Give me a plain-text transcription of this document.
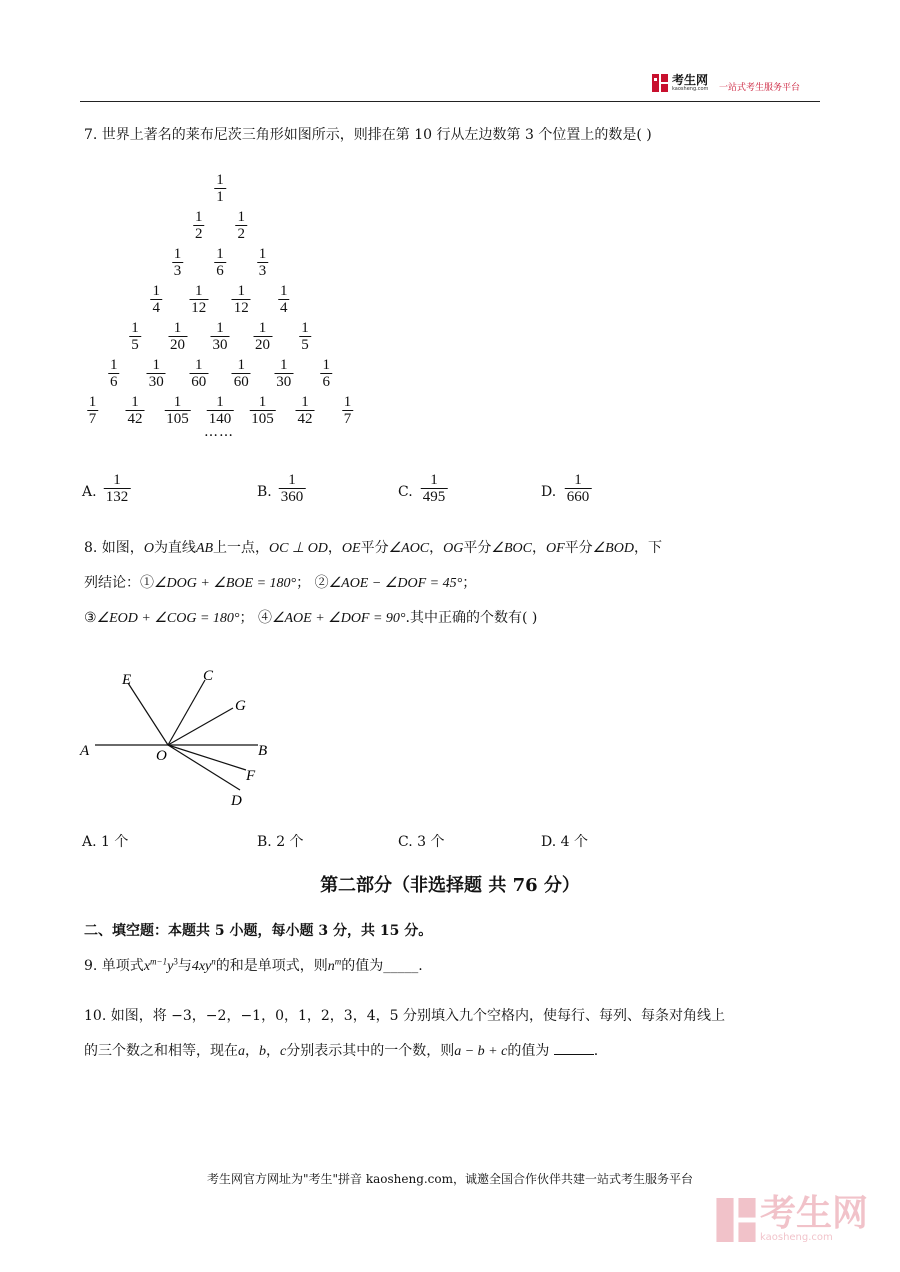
考生网
kaosheng.com 一站式考生服务平台
7. 世界上著名的莱布尼茨三角形如图所示，则排在第 10 行从左边数第 3 个位置上的数是( )
$\frac{1}{1}$
$\frac{1}{2} \frac{1}{2}$
$\frac{1}{3} \frac{1}{6} \frac{1}{3}$
$\frac{1}{4} \frac{1}{12} \frac{1}{12} \frac{1}{4}$
$\frac{1}{5} \frac{1}{20} \frac{1}{30} \frac{1}{20} \frac{1}{5}$
$\frac{1}{6} \frac{1}{30} \frac{1}{60} \frac{1}{60} \frac{1}{30} \frac{1}{6}$
$\frac{1}{7} \frac{1}{42} \frac{1}{105} \frac{1}{140} \frac{1}{105} \frac{1}{42} \frac{1}{7}$
……
A. $\frac{1}{132}$	B. $\frac{1}{360}$	C. $\frac{1}{495}$	D. $\frac{1}{660}$
8. 如图，O为直线AB上一点，OC ⊥ OD，OE平分∠AOC，OG平分∠BOC，OF平分∠BOD，下
列结论：①∠DOG + ∠BOE = 180°； ②∠AOE − ∠DOF = 45°；
③∠EOD + ∠COG = 180°； ④∠AOE + ∠DOF = 90°.其中正确的个数有( )
A	B
E	C
G
F
D
O
A. 1 个	B. 2 个	C. 3 个	D. 4 个
第二部分（非选择题 共 76 分）
二、填空题：本题共 5 小题，每小题 3 分，共 15 分。
9. 单项式$x^{m-1}y^3$与$4xy^n$的和是单项式，则$n^m$的值为_____.
10. 如图，将 −3，−2，−1，0，1，2，3，4，5 分别填入九个空格内，使每行、每列、每条对角线上
的三个数之和相等，现在a，b，c分别表示其中的一个数，则a − b + c的值为	.
考生网官方网址为"考生"拼音 kaosheng.com，诚邀全国合作伙伴共建一站式考生服务平台
考生网
kaosheng.com
